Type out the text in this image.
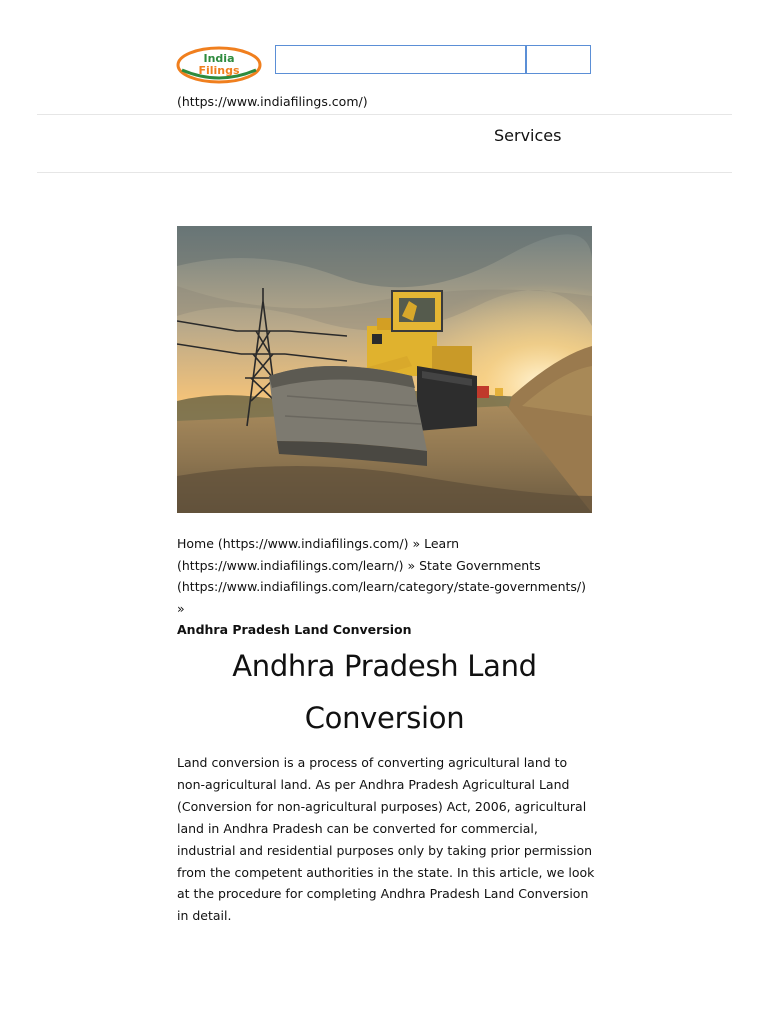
India
Filings
(https://www.indiafilings.com/)
Services
Home (https://www.indiafilings.com/) » Learn (https://www.indiafilings.com/learn/) » State Governments (https://www.indiafilings.com/learn/category/state-governments/) »
Andhra Pradesh Land Conversion
Andhra Pradesh Land Conversion

Land conversion is a process of converting agricultural land to non-agricultural land. As per Andhra Pradesh Agricultural Land (Conversion for non-agricultural purposes) Act, 2006, agricultural land in Andhra Pradesh can be converted for commercial, industrial and residential purposes only by taking prior permission from the competent authorities in the state. In this article, we look at the procedure for completing Andhra Pradesh Land Conversion in detail.
